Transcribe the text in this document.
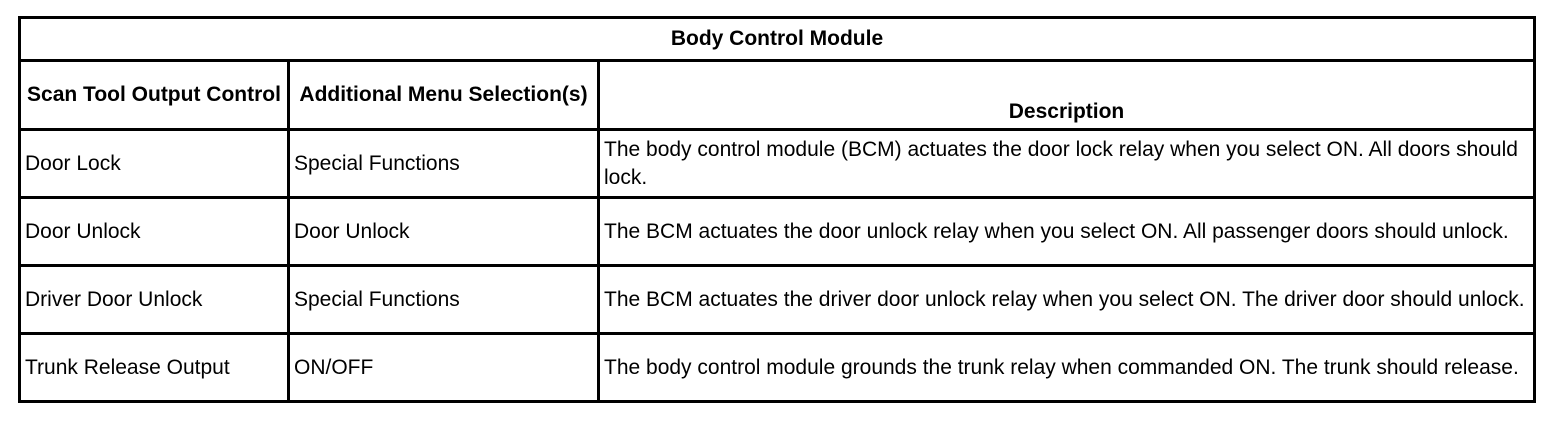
Body Control Module		
Scan Tool Output Control	Additional Menu Selection(s)	Description
Door Lock	Special Functions	The body control module (BCM) actuates the door lock relay when you select ON. All doors should lock.
Door Unlock	Door Unlock	The BCM actuates the door unlock relay when you select ON. All passenger doors should unlock.
Driver Door Unlock	Special Functions	The BCM actuates the driver door unlock relay when you select ON. The driver door should unlock.
Trunk Release Output	ON/OFF	The body control module grounds the trunk relay when commanded ON. The trunk should release.
